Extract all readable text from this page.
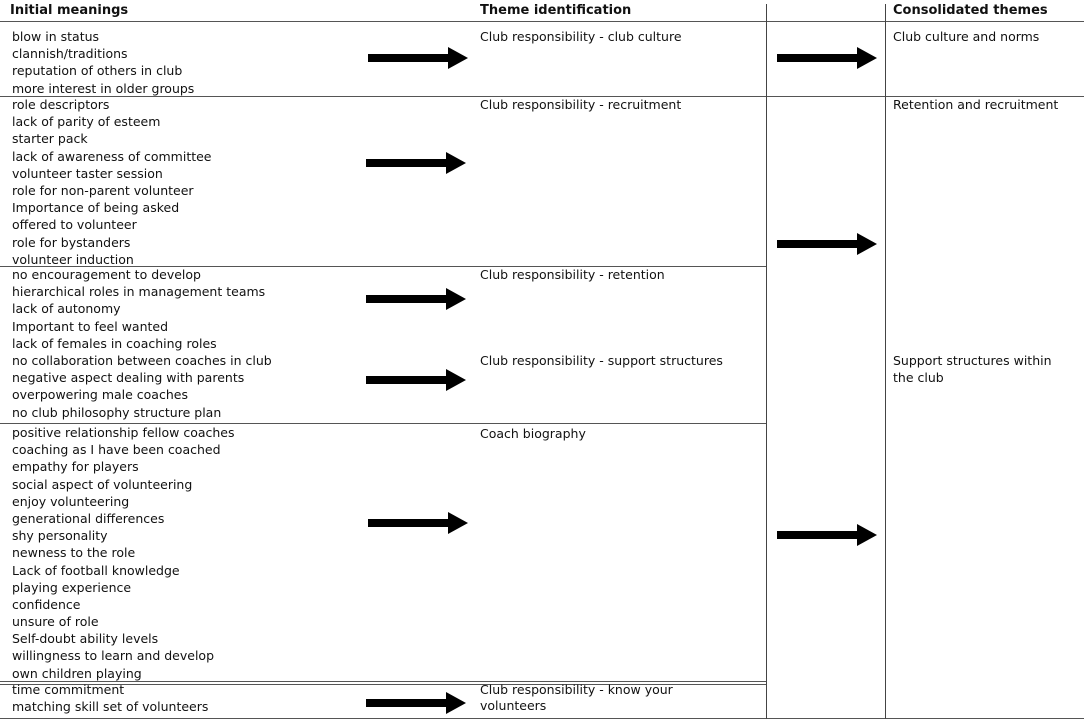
Initial meanings	Theme identification	Consolidated themes
blow in status
clannish/traditions
reputation of others in club
more interest in older groups
Club responsibility - club culture
role descriptors
lack of parity of esteem
starter pack
lack of awareness of committee
volunteer taster session
role for non-parent volunteer
Importance of being asked
offered to volunteer
role for bystanders
volunteer induction
Club responsibility - recruitment
no encouragement to develop
hierarchical roles in management teams
lack of autonomy
Important to feel wanted
lack of females in coaching roles
no collaboration between coaches in club
negative aspect dealing with parents
overpowering male coaches
no club philosophy structure plan
Club responsibility - retention
Club responsibility - support structures
positive relationship fellow coaches
coaching as I have been coached
empathy for players
social aspect of volunteering
enjoy volunteering
generational differences
shy personality
newness to the role
Lack of football knowledge
playing experience
confidence
unsure of role
Self-doubt ability levels
willingness to learn and develop
own children playing
Coach biography
time commitment
matching skill set of volunteers
Club responsibility - know your volunteers
Club culture and norms
Retention and recruitment
Support structures within the club
